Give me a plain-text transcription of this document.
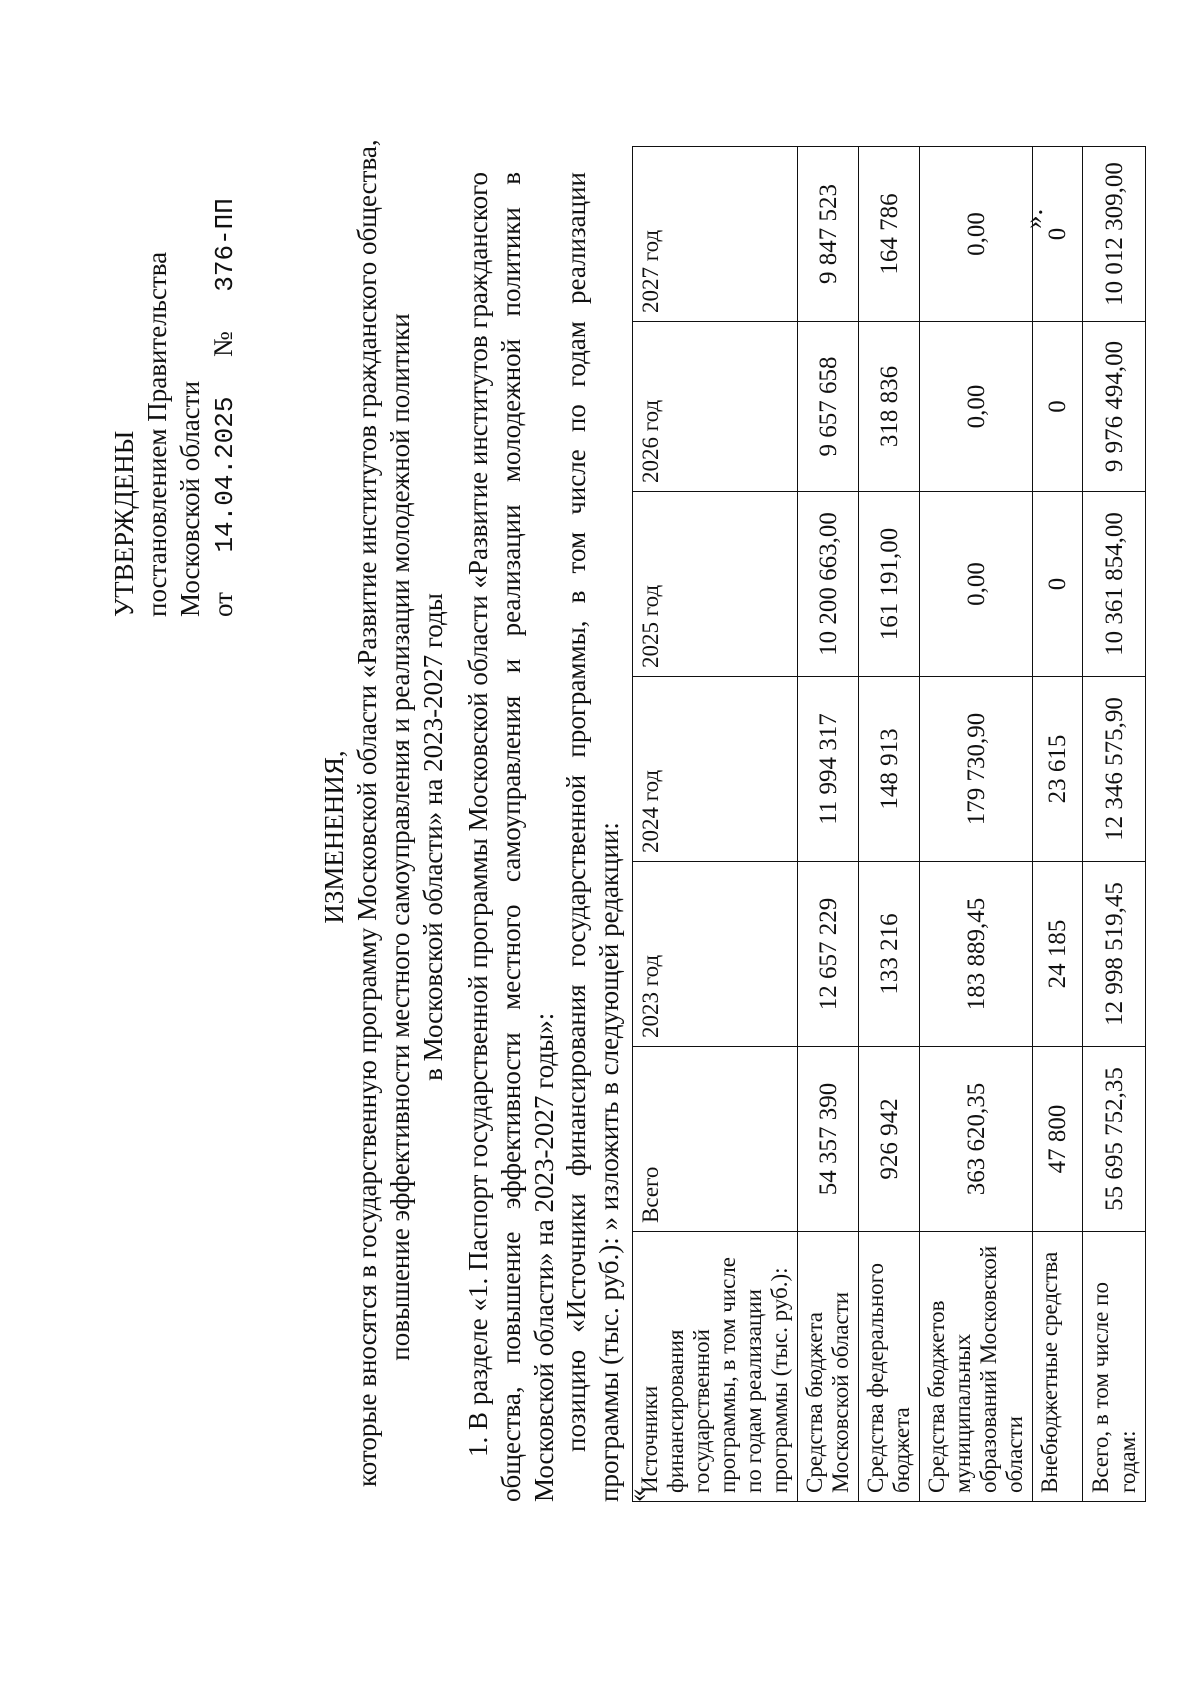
УТВЕРЖДЕНЫ постановлением Правительства Московской области от  14.04.2025  №  376-ПП
ИЗМЕНЕНИЯ, которые вносятся в государственную программу Московской области «Развитие институтов гражданского общества, повышение эффективности местного самоуправления и реализации молодежной политики в Московской области» на 2023-2027 годы 1. В разделе «1. Паспорт государственной программы Московской области «Развитие институтов гражданского общества, повышение эффективности местного самоуправления и реализации молодежной политики в Московской области» на 2023-2027 годы»: позицию «Источники финансирования государственной программы, в том числе по годам реализации программы (тыс. руб.): » изложить в следующей редакции:
«
Источники финансирования государственной программы, в том числе по годам реализации программы (тыс. руб.):	Всего	2023 год	2024 год	2025 год	2026 год	2027 год
Средства бюджета Московской области	54 357 390	12 657 229	11 994 317	10 200 663,00	9 657 658	9 847 523
Средства федерального бюджета	926 942	133 216	148 913	161 191,00	318 836	164 786
Средства бюджетов муниципальных образований Московской области	363 620,35	183 889,45	179 730,90	0,00	0,00	0,00
Внебюджетные средства	47 800	24 185	23 615	0	0	0
Всего, в том числе по годам:	55 695 752,35	12 998 519,45	12 346 575,90	10 361 854,00	9 976 494,00	10 012 309,00
».
